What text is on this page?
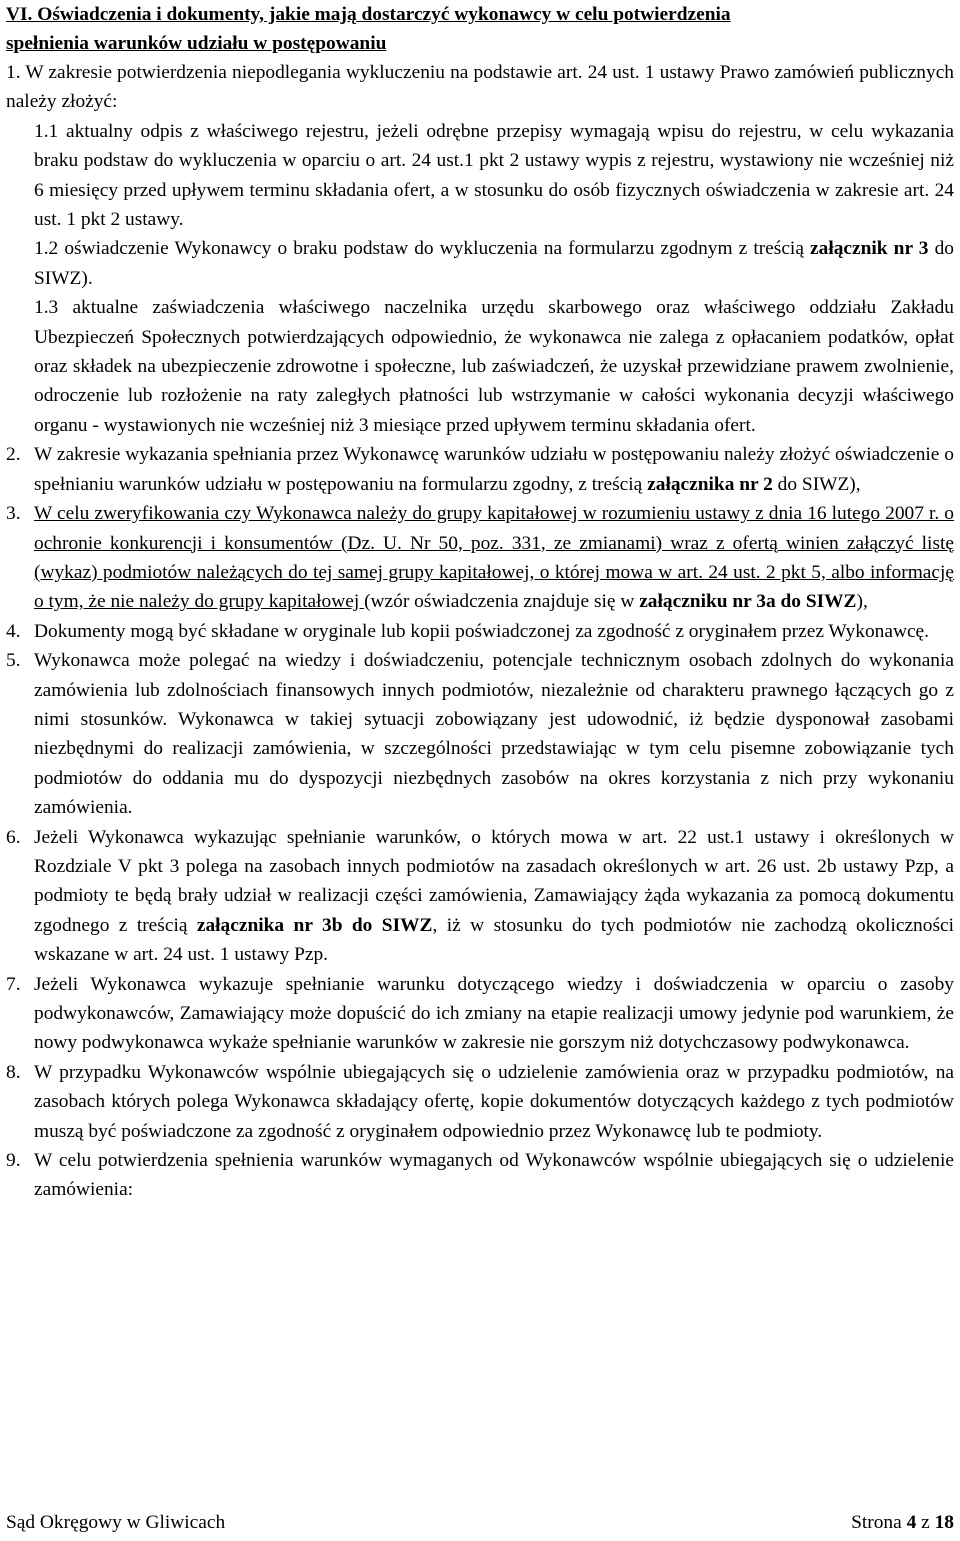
VI. Oświadczenia i dokumenty, jakie mają dostarczyć wykonawcy w celu potwierdzenia
spełnienia warunków udziału w postępowaniu

1. W zakresie potwierdzenia niepodlegania wykluczeniu na podstawie art. 24 ust. 1 ustawy Prawo zamówień publicznych należy złożyć:

1.1 aktualny odpis z właściwego rejestru, jeżeli odrębne przepisy wymagają wpisu do rejestru, w celu wykazania braku podstaw do wykluczenia w oparciu o art. 24 ust.1 pkt 2 ustawy wypis z rejestru, wystawiony nie wcześniej niż 6 miesięcy przed upływem terminu składania ofert, a w stosunku do osób fizycznych oświadczenia w zakresie art. 24 ust. 1 pkt 2 ustawy.

1.2 oświadczenie Wykonawcy o braku podstaw do wykluczenia na formularzu zgodnym z treścią załącznik nr 3 do SIWZ).

1.3 aktualne zaświadczenia właściwego naczelnika urzędu skarbowego oraz właściwego oddziału Zakładu Ubezpieczeń Społecznych potwierdzających odpowiednio, że wykonawca nie zalega z opłacaniem podatków, opłat oraz składek na ubezpieczenie zdrowotne i społeczne, lub zaświadczeń, że uzyskał przewidziane prawem zwolnienie, odroczenie lub rozłożenie na raty zaległych płatności lub wstrzymanie w całości wykonania decyzji właściwego organu - wystawionych nie wcześniej niż 3 miesiące przed upływem terminu składania ofert.

2. W zakresie wykazania spełniania przez Wykonawcę warunków udziału w postępowaniu należy złożyć oświadczenie o spełnianiu warunków udziału w postępowaniu na formularzu zgodny, z treścią załącznika nr 2 do SIWZ),

3. W celu zweryfikowania czy Wykonawca należy do grupy kapitałowej w rozumieniu ustawy z dnia 16 lutego 2007 r. o ochronie konkurencji i konsumentów (Dz. U. Nr 50, poz. 331, ze zmianami) wraz z ofertą winien załączyć listę (wykaz) podmiotów należących do tej samej grupy kapitałowej, o której mowa w art. 24 ust. 2 pkt 5, albo informację o tym, że nie należy do grupy kapitałowej (wzór oświadczenia znajduje się w załączniku nr 3a do SIWZ),

4. Dokumenty mogą być składane w oryginale lub kopii poświadczonej za zgodność z oryginałem przez Wykonawcę.

5. Wykonawca może polegać na wiedzy i doświadczeniu, potencjale technicznym osobach zdolnych do wykonania zamówienia lub zdolnościach finansowych innych podmiotów, niezależnie od charakteru prawnego łączących go z nimi stosunków. Wykonawca w takiej sytuacji zobowiązany jest udowodnić, iż będzie dysponował zasobami niezbędnymi do realizacji zamówienia, w szczególności przedstawiając w tym celu pisemne zobowiązanie tych podmiotów do oddania mu do dyspozycji niezbędnych zasobów na okres korzystania z nich przy wykonaniu zamówienia.

6. Jeżeli Wykonawca wykazując spełnianie warunków, o których mowa w art. 22 ust.1 ustawy i określonych w Rozdziale V pkt 3 polega na zasobach innych podmiotów na zasadach określonych w art. 26 ust. 2b ustawy Pzp, a podmioty te będą brały udział w realizacji części zamówienia, Zamawiający żąda wykazania za pomocą dokumentu zgodnego z treścią załącznika nr 3b do SIWZ, iż w stosunku do tych podmiotów nie zachodzą okoliczności wskazane w art. 24 ust. 1 ustawy Pzp.

7. Jeżeli Wykonawca wykazuje spełnianie warunku dotyczącego wiedzy i doświadczenia w oparciu o zasoby podwykonawców, Zamawiający może dopuścić do ich zmiany na etapie realizacji umowy jedynie pod warunkiem, że nowy podwykonawca wykaże spełnianie warunków w zakresie nie gorszym niż dotychczasowy podwykonawca.

8. W przypadku Wykonawców wspólnie ubiegających się o udzielenie zamówienia oraz w przypadku podmiotów, na zasobach których polega Wykonawca składający ofertę, kopie dokumentów dotyczących każdego z tych podmiotów muszą być poświadczone za zgodność z oryginałem odpowiednio przez Wykonawcę lub te podmioty.

9. W celu potwierdzenia spełnienia warunków wymaganych od Wykonawców wspólnie ubiegających się o udzielenie zamówienia:

Sąd Okręgowy w Gliwicach	Strona 4 z 18
